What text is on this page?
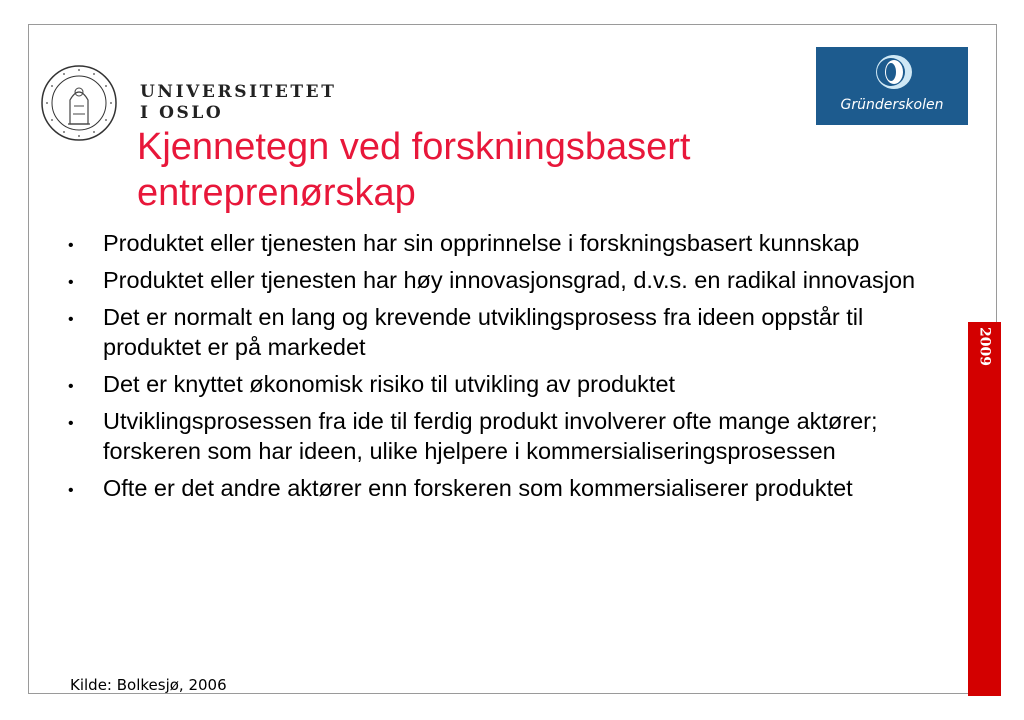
UNIVERSITETET
I OSLO	Gründerskolen
Kjennetegn ved forskningsbasert
entreprenørskap
• Produktet eller tjenesten har sin opprinnelse i forskningsbasert kunnskap
• Produktet eller tjenesten har høy innovasjonsgrad, d.v.s. en radikal innovasjon
• Det er normalt en lang og krevende utviklingsprosess fra ideen oppstår til produktet er på markedet
• Det er knyttet økonomisk risiko til utvikling av produktet
• Utviklingsprosessen fra ide til ferdig produkt involverer ofte mange aktører; forskeren som har ideen, ulike hjelpere i kommersialiseringsprosessen
• Ofte er det andre aktører enn forskeren som kommersialiserer produktet
Kilde: Bolkesjø, 2006
2009
